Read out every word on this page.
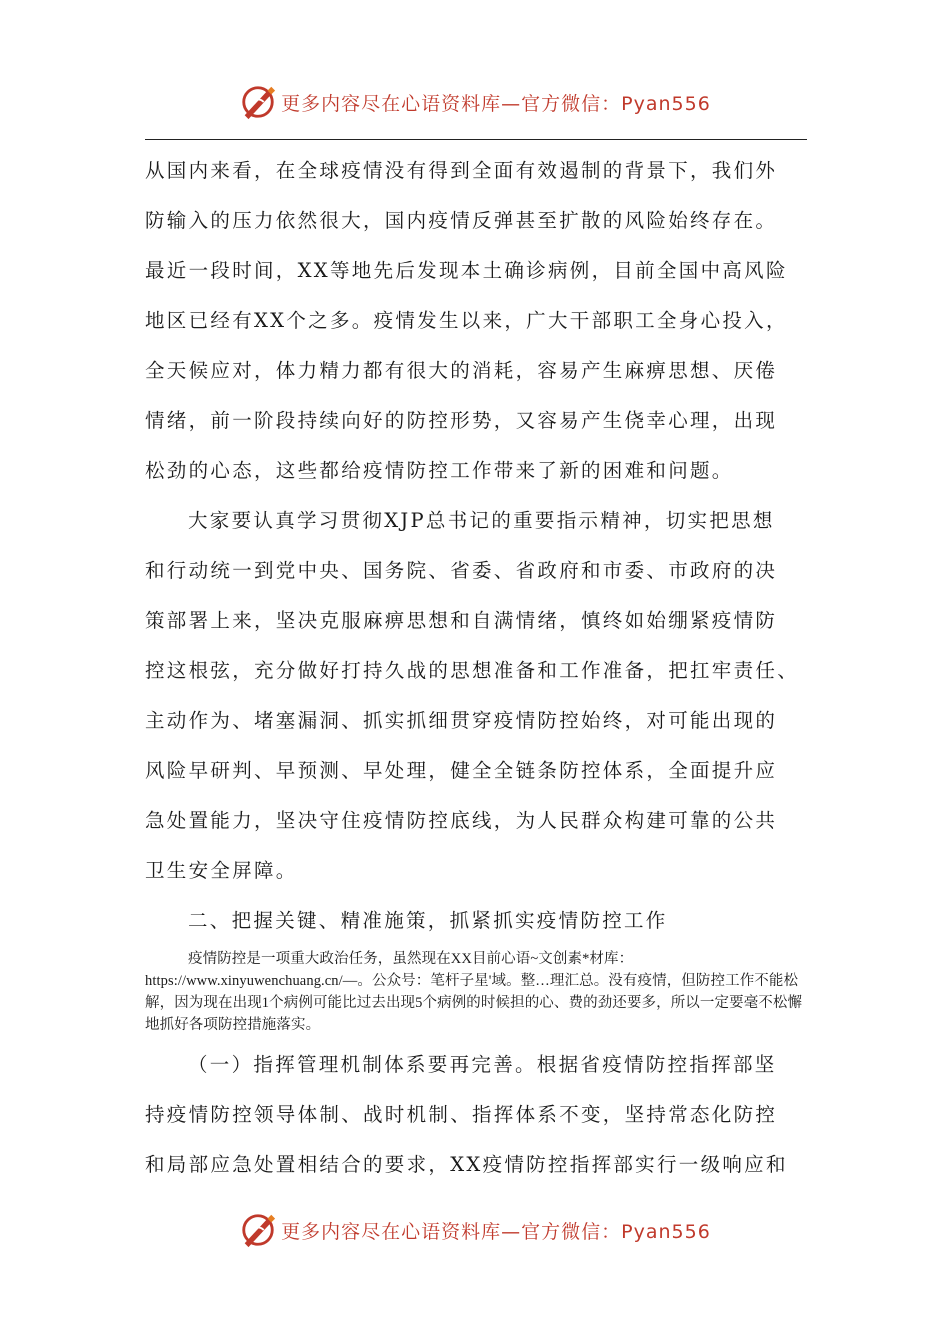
更多内容尽在心语资料库—官方微信：Pyan556
从国内来看，在全球疫情没有得到全面有效遏制的背景下，我们外
防输入的压力依然很大，国内疫情反弹甚至扩散的风险始终存在。
最近一段时间，XX等地先后发现本土确诊病例，目前全国中高风险
地区已经有XX个之多。疫情发生以来，广大干部职工全身心投入，
全天候应对，体力精力都有很大的消耗，容易产生麻痹思想、厌倦
情绪，前一阶段持续向好的防控形势，又容易产生侥幸心理，出现
松劲的心态，这些都给疫情防控工作带来了新的困难和问题。
大家要认真学习贯彻XJP总书记的重要指示精神，切实把思想
和行动统一到党中央、国务院、省委、省政府和市委、市政府的决
策部署上来，坚决克服麻痹思想和自满情绪，慎终如始绷紧疫情防
控这根弦，充分做好打持久战的思想准备和工作准备，把扛牢责任、
主动作为、堵塞漏洞、抓实抓细贯穿疫情防控始终，对可能出现的
风险早研判、早预测、早处理，健全全链条防控体系，全面提升应
急处置能力，坚决守住疫情防控底线，为人民群众构建可靠的公共
卫生安全屏障。
二、把握关键、精准施策，抓紧抓实疫情防控工作

疫情防控是一项重大政治任务，虽然现在XX目前心语~文创素*材库：https://www.xinyuwenchuang.cn/—。公众号：笔杆子星'域。整…理汇总。没有疫情，但防控工作不能松解，因为现在出现1个病例可能比过去出现5个病例的时候担的心、费的劲还要多，所以一定要毫不松懈地抓好各项防控措施落实。

（一）指挥管理机制体系要再完善。根据省疫情防控指挥部坚
持疫情防控领导体制、战时机制、指挥体系不变，坚持常态化防控
和局部应急处置相结合的要求，XX疫情防控指挥部实行一级响应和
更多内容尽在心语资料库—官方微信：Pyan556
